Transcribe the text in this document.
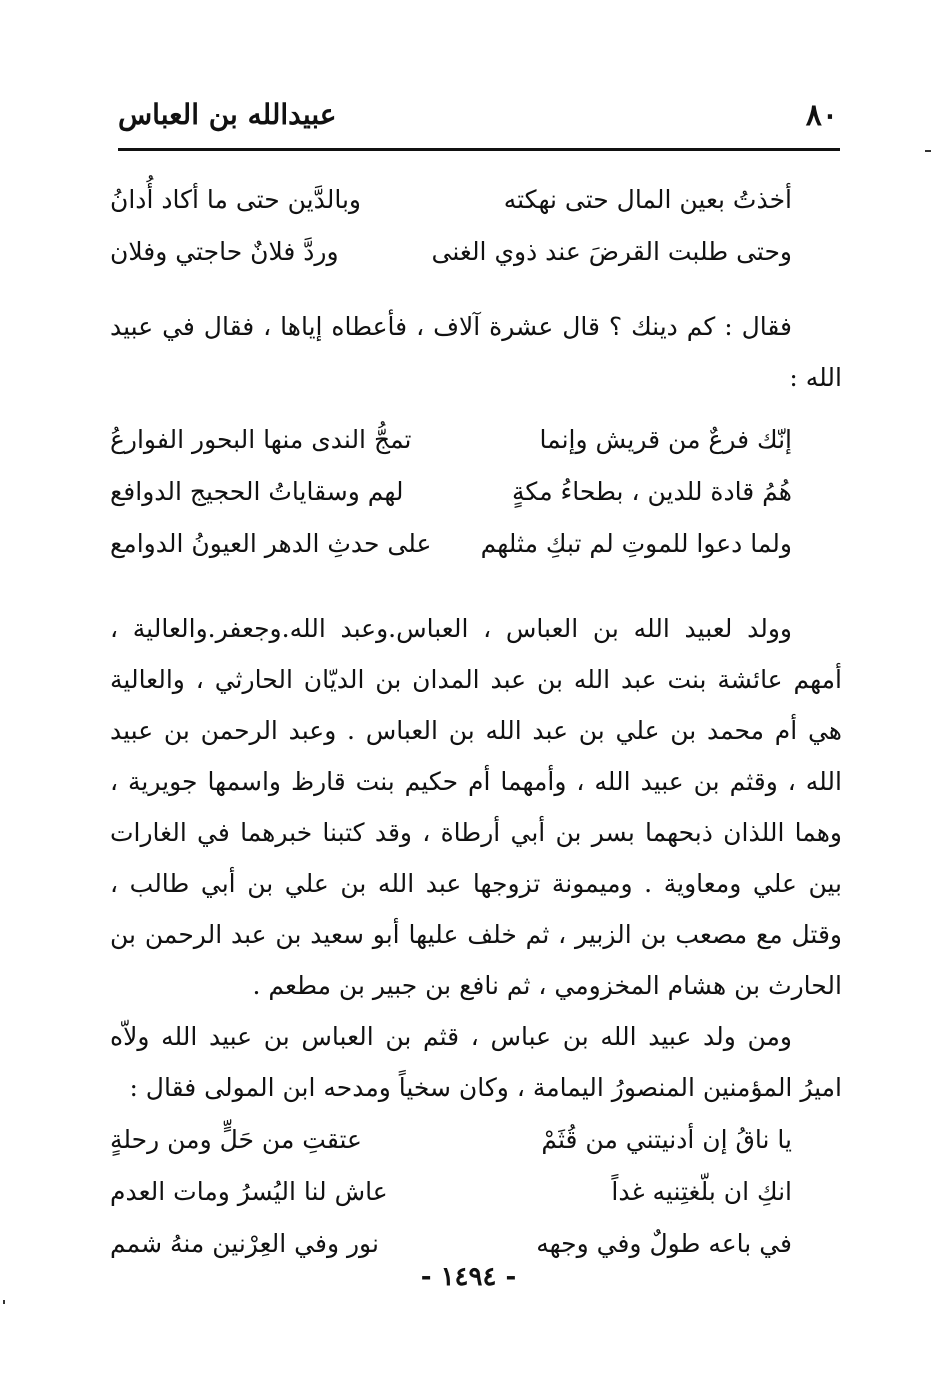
٨٠
عبيدالله بن العباس
أخذتُ بعين المال حتى نهكته
وبالدَّين حتى ما أكاد أُدانُ
وحتى طلبت القرضَ عند ذوي الغنى
وردَّ فلانٌ حاجتي وفلان

فقال : كم دينك ؟ قال عشرة آلاف ، فأعطاه إياها ، فقال في عبيد الله :

إنّك فرعٌ من قريش وإنما
تمجُّ الندى منها البحور الفوارعُ
هُمُ قادة للدين ، بطحاءُ مكةٍ
لهم وسقاياتُ الحجيج الدوافع
ولما دعوا للموتِ لم تبكِ مثلهم
على حدثِ الدهر العيونُ الدوامع

وولد لعبيد الله بن العباس ، العباس.وعبد الله.وجعفر.والعالية ، أمهم عائشة بنت عبد الله بن عبد المدان بن الديّان الحارثي ، والعالية هي أم محمد بن علي بن عبد الله بن العباس . وعبد الرحمن بن عبيد الله ، وقثم بن عبيد الله ، وأمهما أم حكيم بنت قارظ واسمها جويرية ، وهما اللذان ذبحهما بسر بن أبي أرطاة ، وقد كتبنا خبرهما في الغارات بين علي ومعاوية . وميمونة تزوجها عبد الله بن علي بن أبي طالب ، وقتل مع مصعب بن الزبير ، ثم خلف عليها أبو سعيد بن عبد الرحمن بن الحارث بن هشام المخزومي ، ثم نافع بن جبير بن مطعم .

ومن ولد عبيد الله بن عباس ، قثم بن العباس بن عبيد الله ولاّه اميرُ المؤمنين المنصورُ اليمامة ، وكان سخياً ومدحه ابن المولى فقال :

يا ناقُ إن أدنيتني من قُثَمْ
عتقتِ من حَلٍّ ومن رحلةٍ
انكِ ان بلّغتِنيه غداً
عاش لنا اليُسرُ ومات العدم
في باعه طولٌ وفي وجهه
نور وفي العِرْنين منهُ شمم
- ١٤٩٤ -
